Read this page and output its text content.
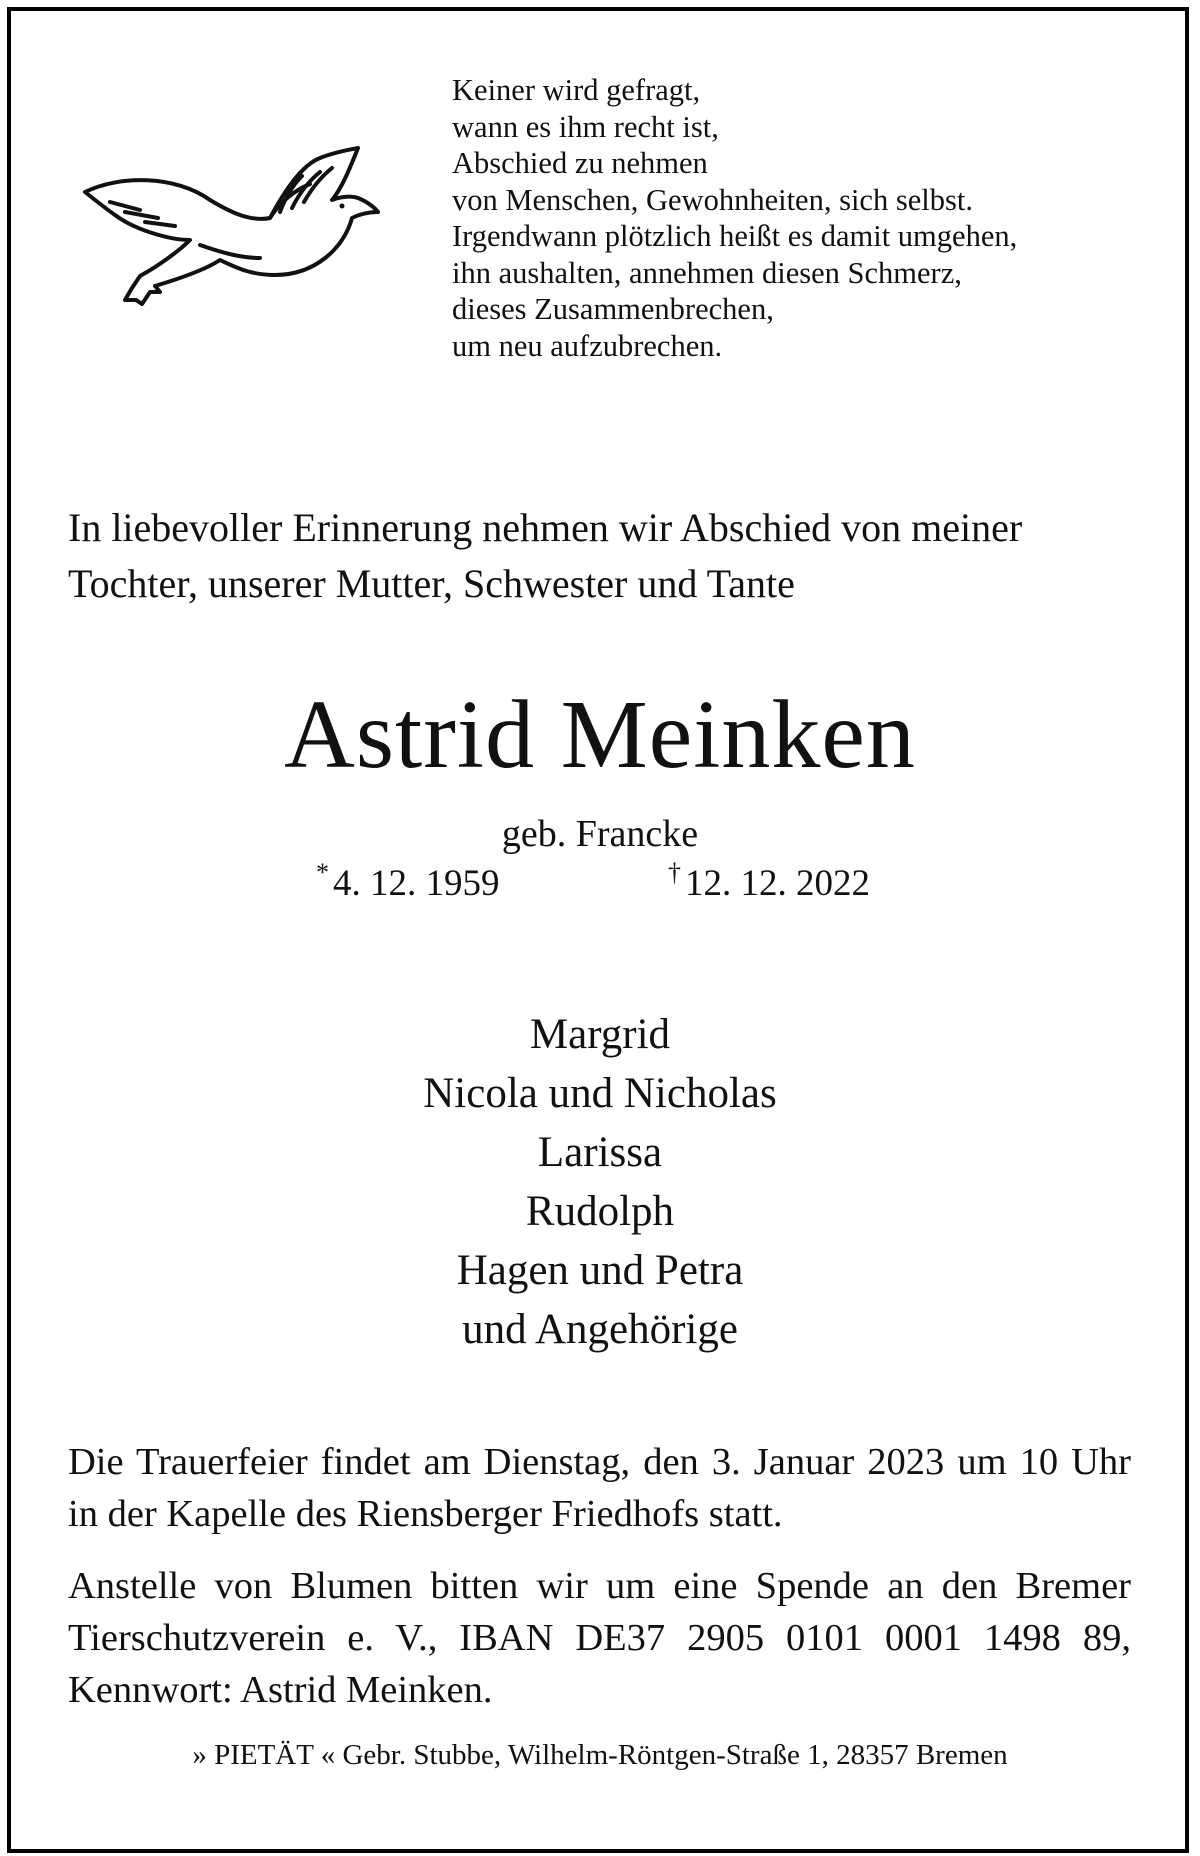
Keiner wird gefragt,
wann es ihm recht ist,
Abschied zu nehmen
von Menschen, Gewohnheiten, sich selbst.
Irgendwann plötzlich heißt es damit umgehen,
ihn aushalten, annehmen diesen Schmerz,
dieses Zusammenbrechen,
um neu aufzubrechen.
In liebevoller Erinnerung nehmen wir Abschied von meiner
Tochter, unserer Mutter, Schwester und Tante
Astrid Meinken
geb. Francke
* 4. 12. 1959	† 12. 12. 2022
Margrid
Nicola und Nicholas
Larissa
Rudolph
Hagen und Petra
und Angehörige
Die Trauerfeier findet am Dienstag, den 3. Januar 2023 um 10 Uhr in der Kapelle des Riensberger Friedhofs statt.
Anstelle von Blumen bitten wir um eine Spende an den Bremer Tierschutzverein e. V., IBAN DE37 2905 0101 0001 1498 89, Kennwort: Astrid Meinken.
» PIETÄT « Gebr. Stubbe, Wilhelm-Röntgen-Straße 1, 28357 Bremen
